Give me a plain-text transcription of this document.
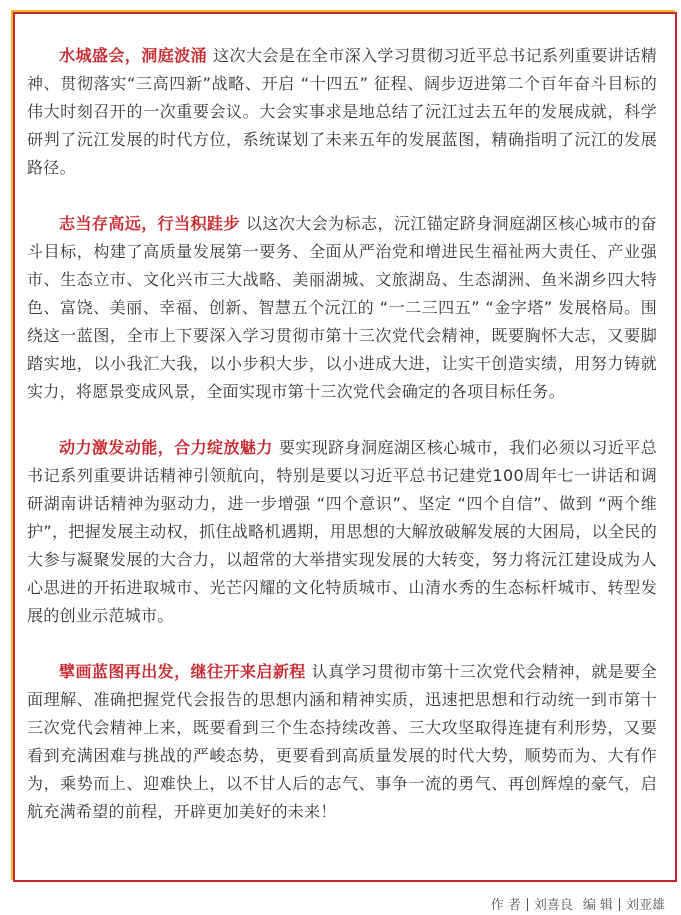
水城盛会，洞庭波涌 这次大会是在全市深入学习贯彻习近平总书记系列重要讲话精神、贯彻落实“三高四新”战略、开启 “十四五” 征程、阔步迈进第二个百年奋斗目标的伟大时刻召开的一次重要会议。大会实事求是地总结了沅江过去五年的发展成就，科学研判了沅江发展的时代方位，系统谋划了未来五年的发展蓝图，精确指明了沅江的发展路径。

志当存高远，行当积跬步 以这次大会为标志，沅江锚定跻身洞庭湖区核心城市的奋斗目标，构建了高质量发展第一要务、全面从严治党和增进民生福祉两大责任、产业强市、生态立市、文化兴市三大战略、美丽湖城、文旅湖岛、生态湖洲、鱼米湖乡四大特色、富饶、美丽、幸福、创新、智慧五个沅江的 “一二三四五” “金字塔” 发展格局。围绕这一蓝图，全市上下要深入学习贯彻市第十三次党代会精神，既要胸怀大志，又要脚踏实地，以小我汇大我，以小步积大步，以小进成大进，让实干创造实绩，用努力铸就实力，将愿景变成风景，全面实现市第十三次党代会确定的各项目标任务。

动力激发动能，合力绽放魅力 要实现跻身洞庭湖区核心城市，我们必须以习近平总书记系列重要讲话精神引领航向，特别是要以习近平总书记建党100周年七一讲话和调研湖南讲话精神为驱动力，进一步增强 “四个意识”、坚定 “四个自信”、做到 “两个维护”，把握发展主动权，抓住战略机遇期，用思想的大解放破解发展的大困局，以全民的大参与凝聚发展的大合力，以超常的大举措实现发展的大转变，努力将沅江建设成为人心思进的开拓进取城市、光芒闪耀的文化特质城市、山清水秀的生态标杆城市、转型发展的创业示范城市。

擘画蓝图再出发，继往开来启新程 认真学习贯彻市第十三次党代会精神，就是要全面理解、准确把握党代会报告的思想内涵和精神实质，迅速把思想和行动统一到市第十三次党代会精神上来，既要看到三个生态持续改善、三大攻坚取得连捷有利形势，又要看到充满困难与挑战的严峻态势，更要看到高质量发展的时代大势，顺势而为、大有作为，乘势而上、迎难快上，以不甘人后的志气、事争一流的勇气、再创辉煌的豪气，启航充满希望的前程，开辟更加美好的未来！

作 者 刘喜良 编 辑 刘亚雄
